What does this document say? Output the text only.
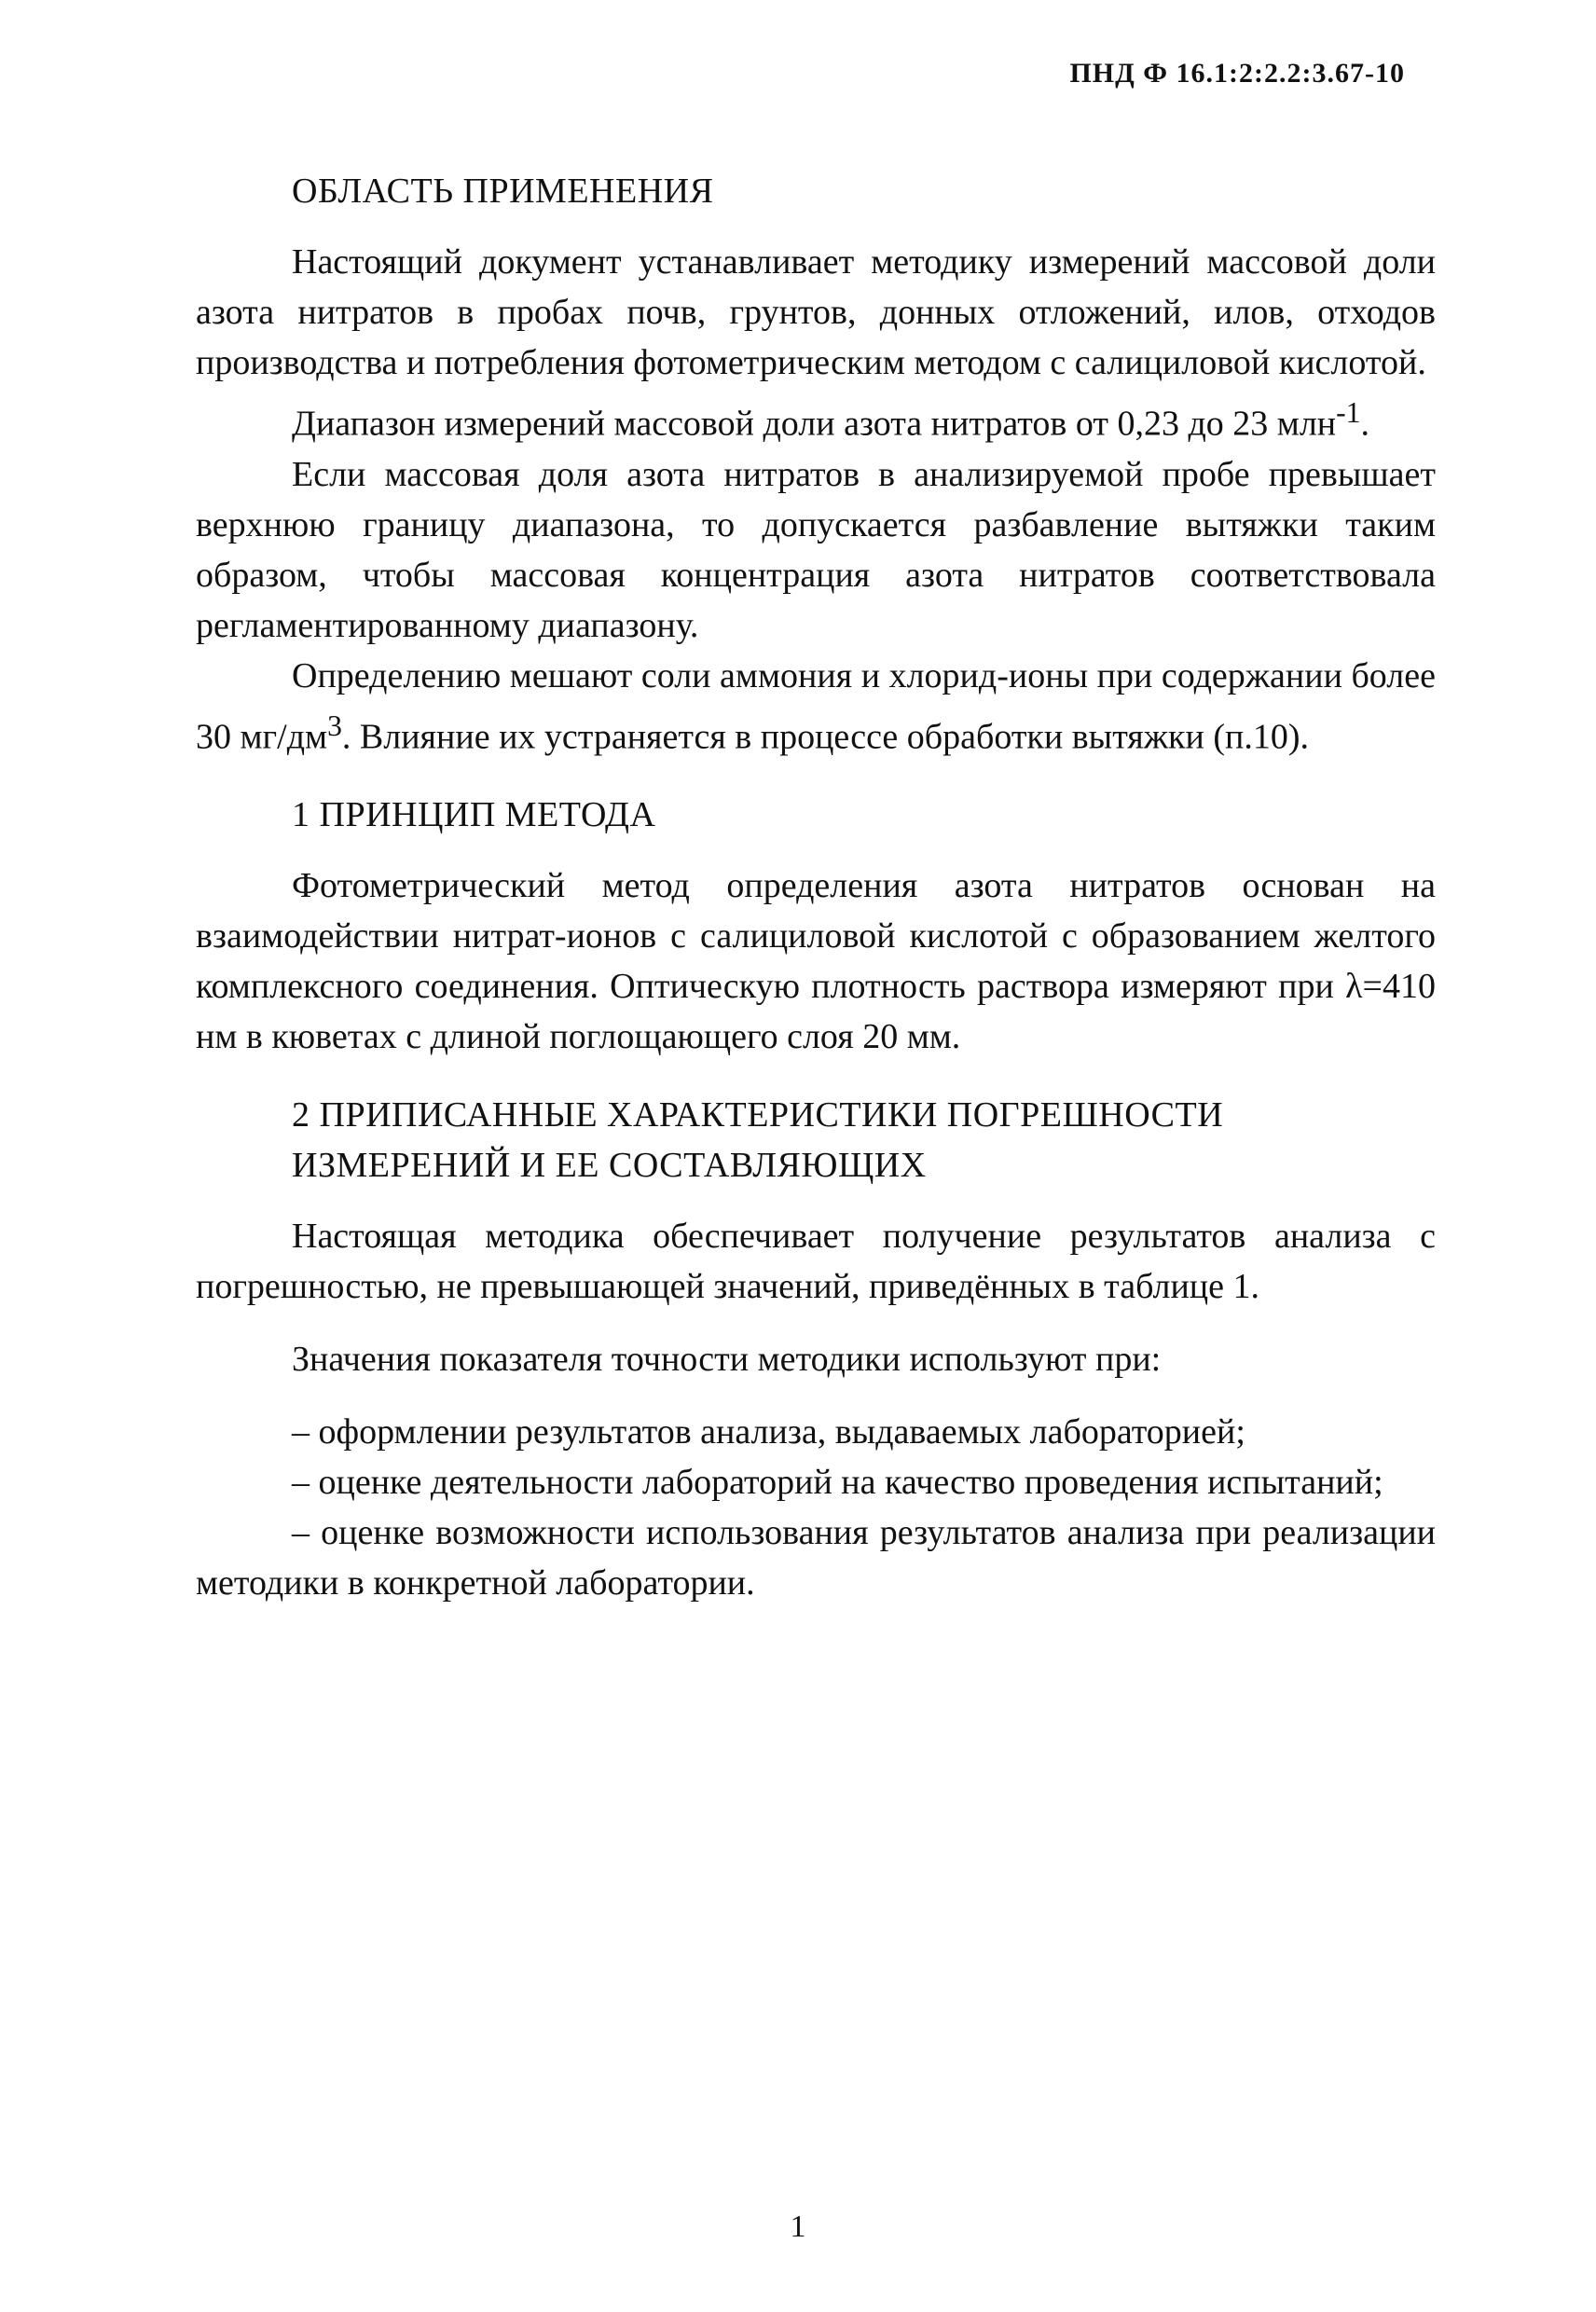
ПНД Ф 16.1:2:2.2:3.67-10
ОБЛАСТЬ ПРИМЕНЕНИЯ

Настоящий документ устанавливает методику измерений массовой доли азота нитратов в пробах почв, грунтов, донных отложений, илов, отходов производства и потребления фотометрическим методом с салициловой кислотой.

Диапазон измерений массовой доли азота нитратов от 0,23 до 23 млн$^{-1}$.

Если массовая доля азота нитратов в анализируемой пробе превышает верхнюю границу диапазона, то допускается разбавление вытяжки таким образом, чтобы массовая концентрация азота нитратов соответствовала регламентированному диапазону.

Определению мешают соли аммония и хлорид-ионы при содержании более 30 $мг/дм^3$. Влияние их устраняется в процессе обработки вытяжки (п.10).

1 ПРИНЦИП МЕТОДА

Фотометрический метод определения азота нитратов основан на взаимодействии нитрат-ионов с салициловой кислотой с образованием желтого комплексного соединения. Оптическую плотность раствора измеряют при λ=410 нм в кюветах с длиной поглощающего слоя 20 мм.

2 ПРИПИСАННЫЕ ХАРАКТЕРИСТИКИ ПОГРЕШНОСТИ
ИЗМЕРЕНИЙ И ЕЕ СОСТАВЛЯЮЩИХ

Настоящая методика обеспечивает получение результатов анализа с погрешностью, не превышающей значений, приведённых в таблице 1.

Значения показателя точности методики используют при:

– оформлении результатов анализа, выдаваемых лабораторией;

– оценке деятельности лабораторий на качество проведения испытаний;

– оценке возможности использования результатов анализа при реализации методики в конкретной лаборатории.

1
